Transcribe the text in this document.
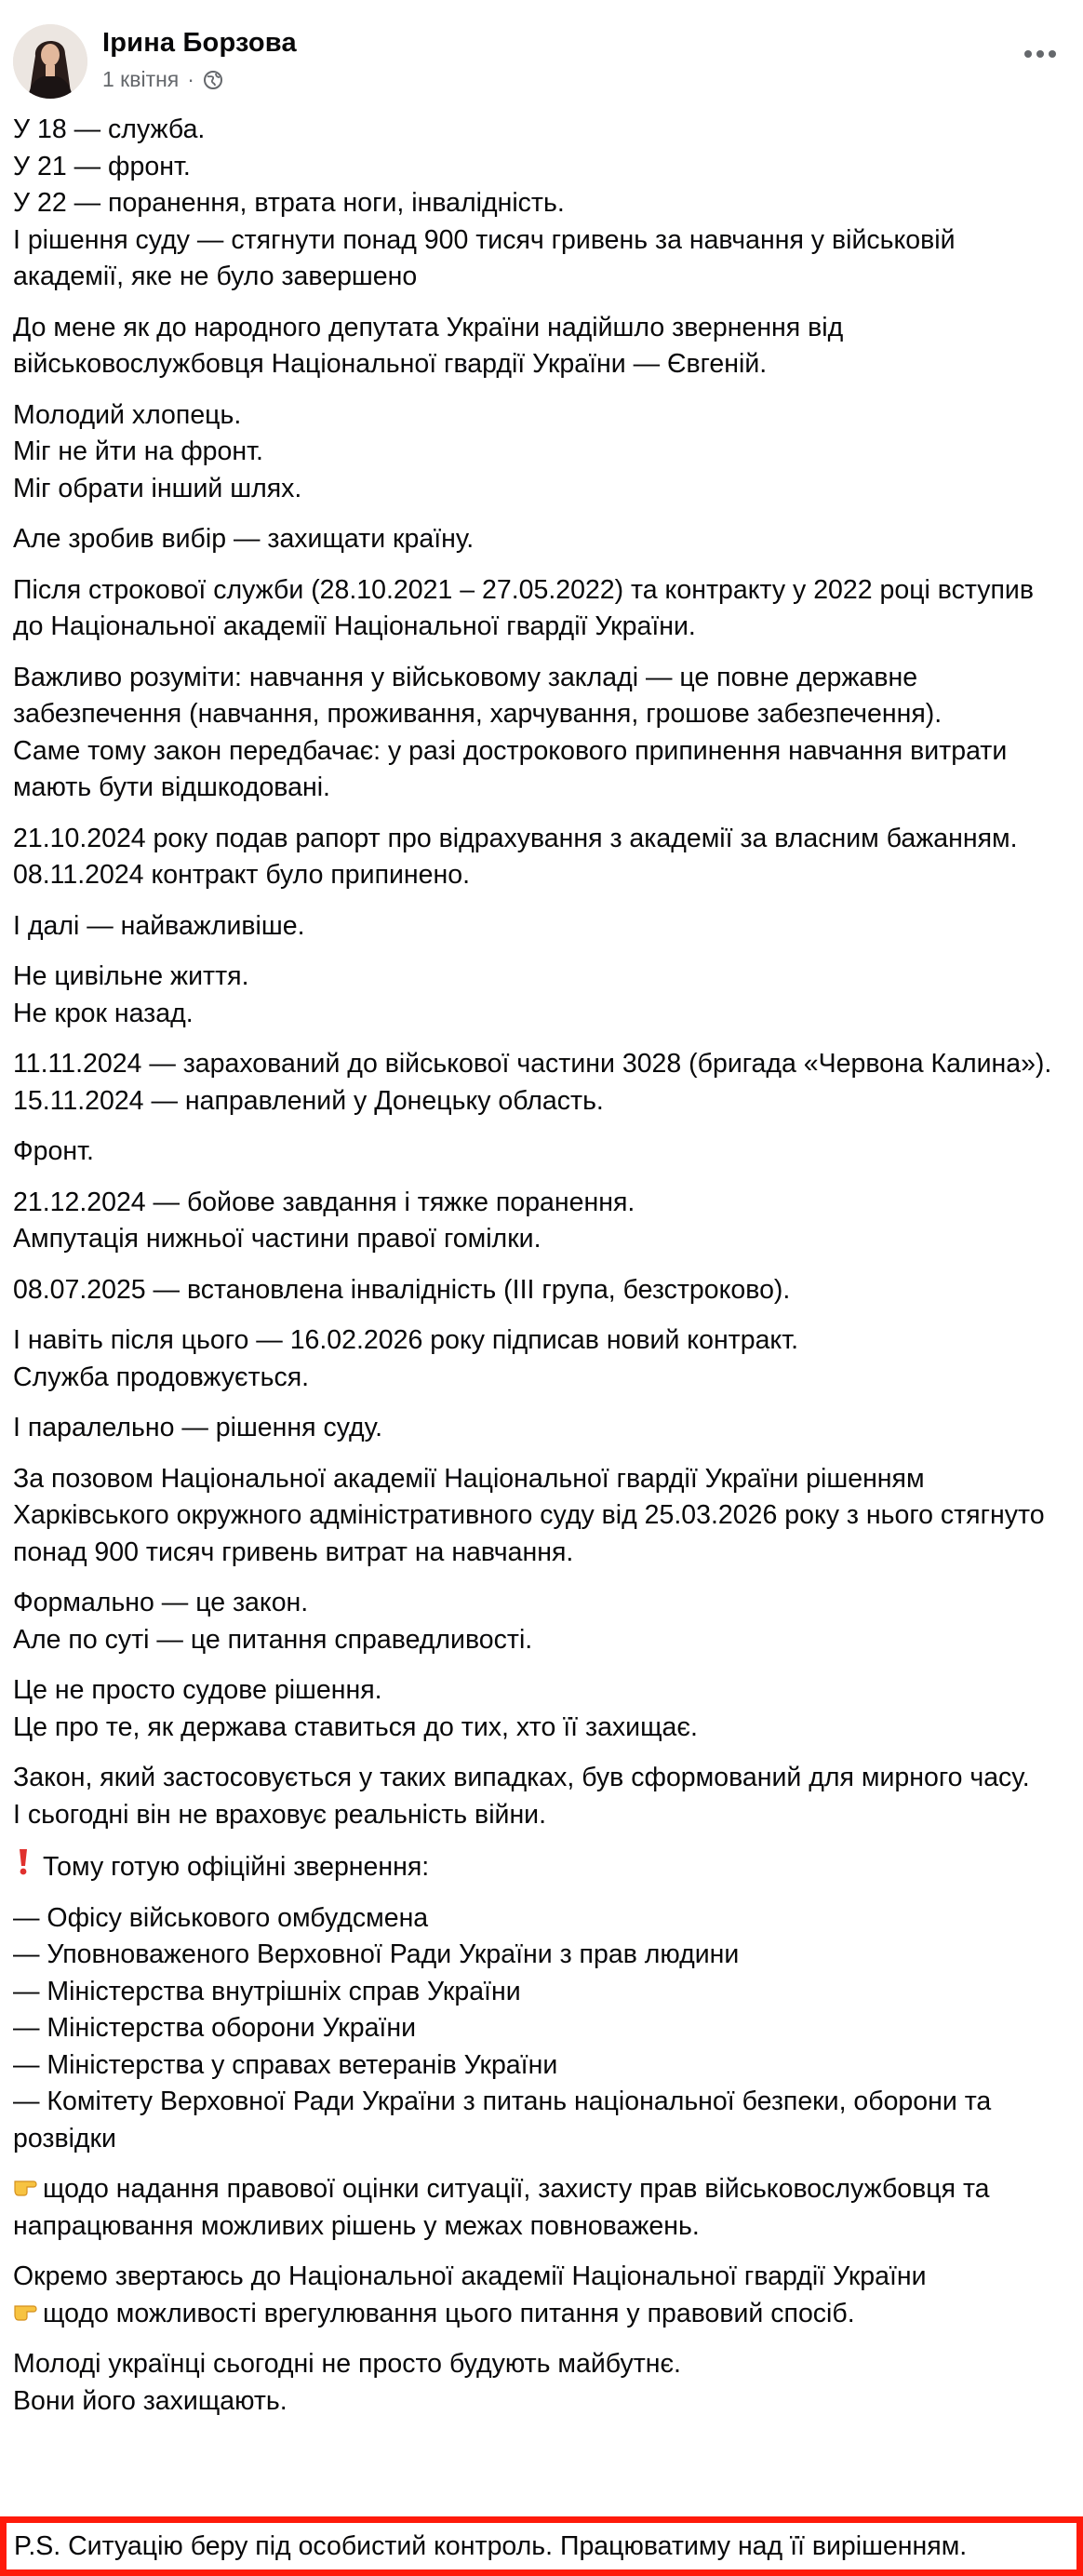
Ірина Борзова
1 квітня ·

У 18 — служба.
У 21 — фронт.
У 22 — поранення, втрата ноги, інвалідність.
І рішення суду — стягнути понад 900 тисяч гривень за навчання у військовій академії, яке не було завершено

До мене як до народного депутата України надійшло звернення від військовослужбовця Національної гвардії України — Євгеній.

Молодий хлопець.
Міг не йти на фронт.
Міг обрати інший шлях.

Але зробив вибір — захищати країну.

Після строкової служби (28.10.2021 – 27.05.2022) та контракту у 2022 році вступив до Національної академії Національної гвардії України.

Важливо розуміти: навчання у військовому закладі — це повне державне забезпечення (навчання, проживання, харчування, грошове забезпечення).
Саме тому закон передбачає: у разі дострокового припинення навчання витрати мають бути відшкодовані.

21.10.2024 року подав рапорт про відрахування з академії за власним бажанням.
08.11.2024 контракт було припинено.

І далі — найважливіше.

Не цивільне життя.
Не крок назад.

11.11.2024 — зарахований до військової частини 3028 (бригада «Червона Калина»).
15.11.2024 — направлений у Донецьку область.

Фронт.

21.12.2024 — бойове завдання і тяжке поранення.
Ампутація нижньої частини правої гомілки.

08.07.2025 — встановлена інвалідність (ІІІ група, безстроково).

І навіть після цього — 16.02.2026 року підписав новий контракт.
Служба продовжується.

І паралельно — рішення суду.

За позовом Національної академії Національної гвардії України рішенням Харківського окружного адміністративного суду від 25.03.2026 року з нього стягнуто понад 900 тисяч гривень витрат на навчання.

Формально — це закон.
Але по суті — це питання справедливості.

Це не просто судове рішення.
Це про те, як держава ставиться до тих, хто її захищає.

Закон, який застосовується у таких випадках, був сформований для мирного часу.
І сьогодні він не враховує реальність війни.

Тому готую офіційні звернення:

— Офісу військового омбудсмена
— Уповноваженого Верховної Ради України з прав людини
— Міністерства внутрішніх справ України
— Міністерства оборони України
— Міністерства у справах ветеранів України
— Комітету Верховної Ради України з питань національної безпеки, оборони та розвідки

щодо надання правової оцінки ситуації, захисту прав військовослужбовця та напрацювання можливих рішень у межах повноважень.

Окремо звертаюсь до Національної академії Національної гвардії України
щодо можливості врегулювання цього питання у правовий спосіб.

Молоді українці сьогодні не просто будують майбутнє.
Вони його захищають.

P.S. Ситуацію беру під особистий контроль. Працюватиму над її вирішенням.
